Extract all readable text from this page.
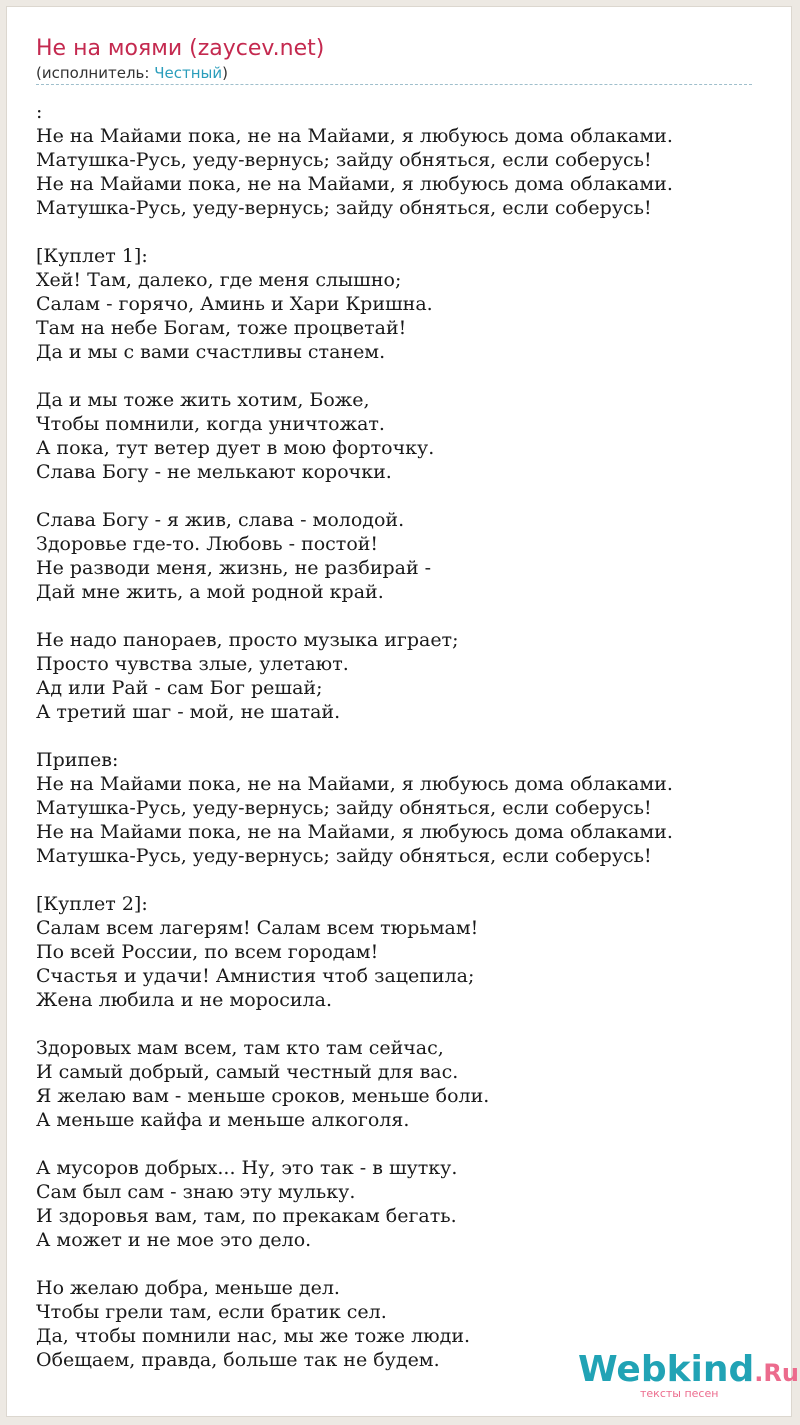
Не на моями (zaycev.net)
(исполнитель: Честный)
:
Не на Майами пока, не на Майами, я любуюсь дома облаками.
Матушка-Русь, уеду-вернусь; зайду обняться, если соберусь!
Не на Майами пока, не на Майами, я любуюсь дома облаками.
Матушка-Русь, уеду-вернусь; зайду обняться, если соберусь!

[Куплет 1]:
Хей! Там, далеко, где меня слышно;
Салам - горячо, Аминь и Хари Кришна.
Там на небе Богам, тоже процветай!
Да и мы с вами счастливы станем.

Да и мы тоже жить хотим, Боже,
Чтобы помнили, когда уничтожат.
А пока, тут ветер дует в мою форточку.
Слава Богу - не мелькают корочки.

Слава Богу - я жив, слава - молодой.
Здоровье где-то. Любовь - постой!
Не разводи меня, жизнь, не разбирай -
Дай мне жить, а мой родной край.

Не надо панораев, просто музыка играет;
Просто чувства злые, улетают.
Ад или Рай - сам Бог решай;
А третий шаг - мой, не шатай.

Припев:
Не на Майами пока, не на Майами, я любуюсь дома облаками.
Матушка-Русь, уеду-вернусь; зайду обняться, если соберусь!
Не на Майами пока, не на Майами, я любуюсь дома облаками.
Матушка-Русь, уеду-вернусь; зайду обняться, если соберусь!

[Куплет 2]:
Салам всем лагерям! Салам всем тюрьмам!
По всей России, по всем городам!
Счастья и удачи! Амнистия чтоб зацепила;
Жена любила и не моросила.

Здоровых мам всем, там кто там сейчас,
И самый добрый, самый честный для вас.
Я желаю вам - меньше сроков, меньше боли.
А меньше кайфа и меньше алкоголя.

А мусоров добрых... Ну, это так - в шутку.
Сам был сам - знаю эту мульку.
И здоровья вам, там, по прекакам бегать.
А может и не мое это дело.

Но желаю добра, меньше дел.
Чтобы грели там, если братик сел.
Да, чтобы помнили нас, мы же тоже люди.
Обещаем, правда, больше так не будем.	Webkind.Ru
тексты песен
